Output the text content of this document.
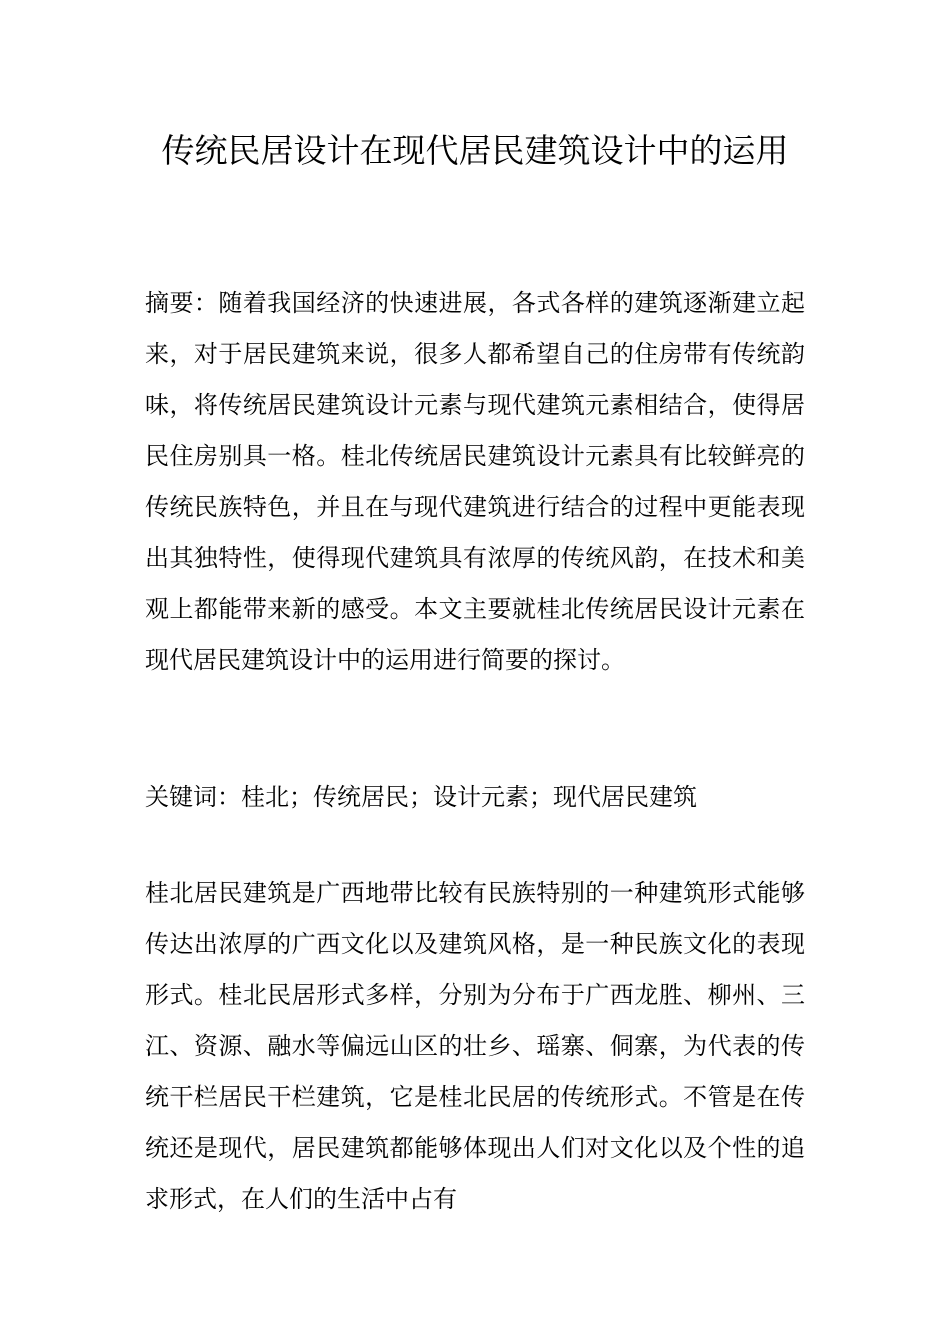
传统民居设计在现代居民建筑设计中的运用

摘要：随着我国经济的快速进展，各式各样的建筑逐渐建立起来，对于居民建筑来说，很多人都希望自己的住房带有传统韵味，将传统居民建筑设计元素与现代建筑元素相结合，使得居民住房别具一格。桂北传统居民建筑设计元素具有比较鲜亮的传统民族特色，并且在与现代建筑进行结合的过程中更能表现出其独特性，使得现代建筑具有浓厚的传统风韵，在技术和美观上都能带来新的感受。本文主要就桂北传统居民设计元素在现代居民建筑设计中的运用进行简要的探讨。

关键词：桂北；传统居民；设计元素；现代居民建筑

桂北居民建筑是广西地带比较有民族特别的一种建筑形式能够传达出浓厚的广西文化以及建筑风格，是一种民族文化的表现形式。桂北民居形式多样，分别为分布于广西龙胜、柳州、三江、资源、融水等偏远山区的壮乡、瑶寨、侗寨，为代表的传统干栏居民干栏建筑，它是桂北民居的传统形式。不管是在传统还是现代，居民建筑都能够体现出人们对文化以及个性的追求形式，在人们的生活中占有
